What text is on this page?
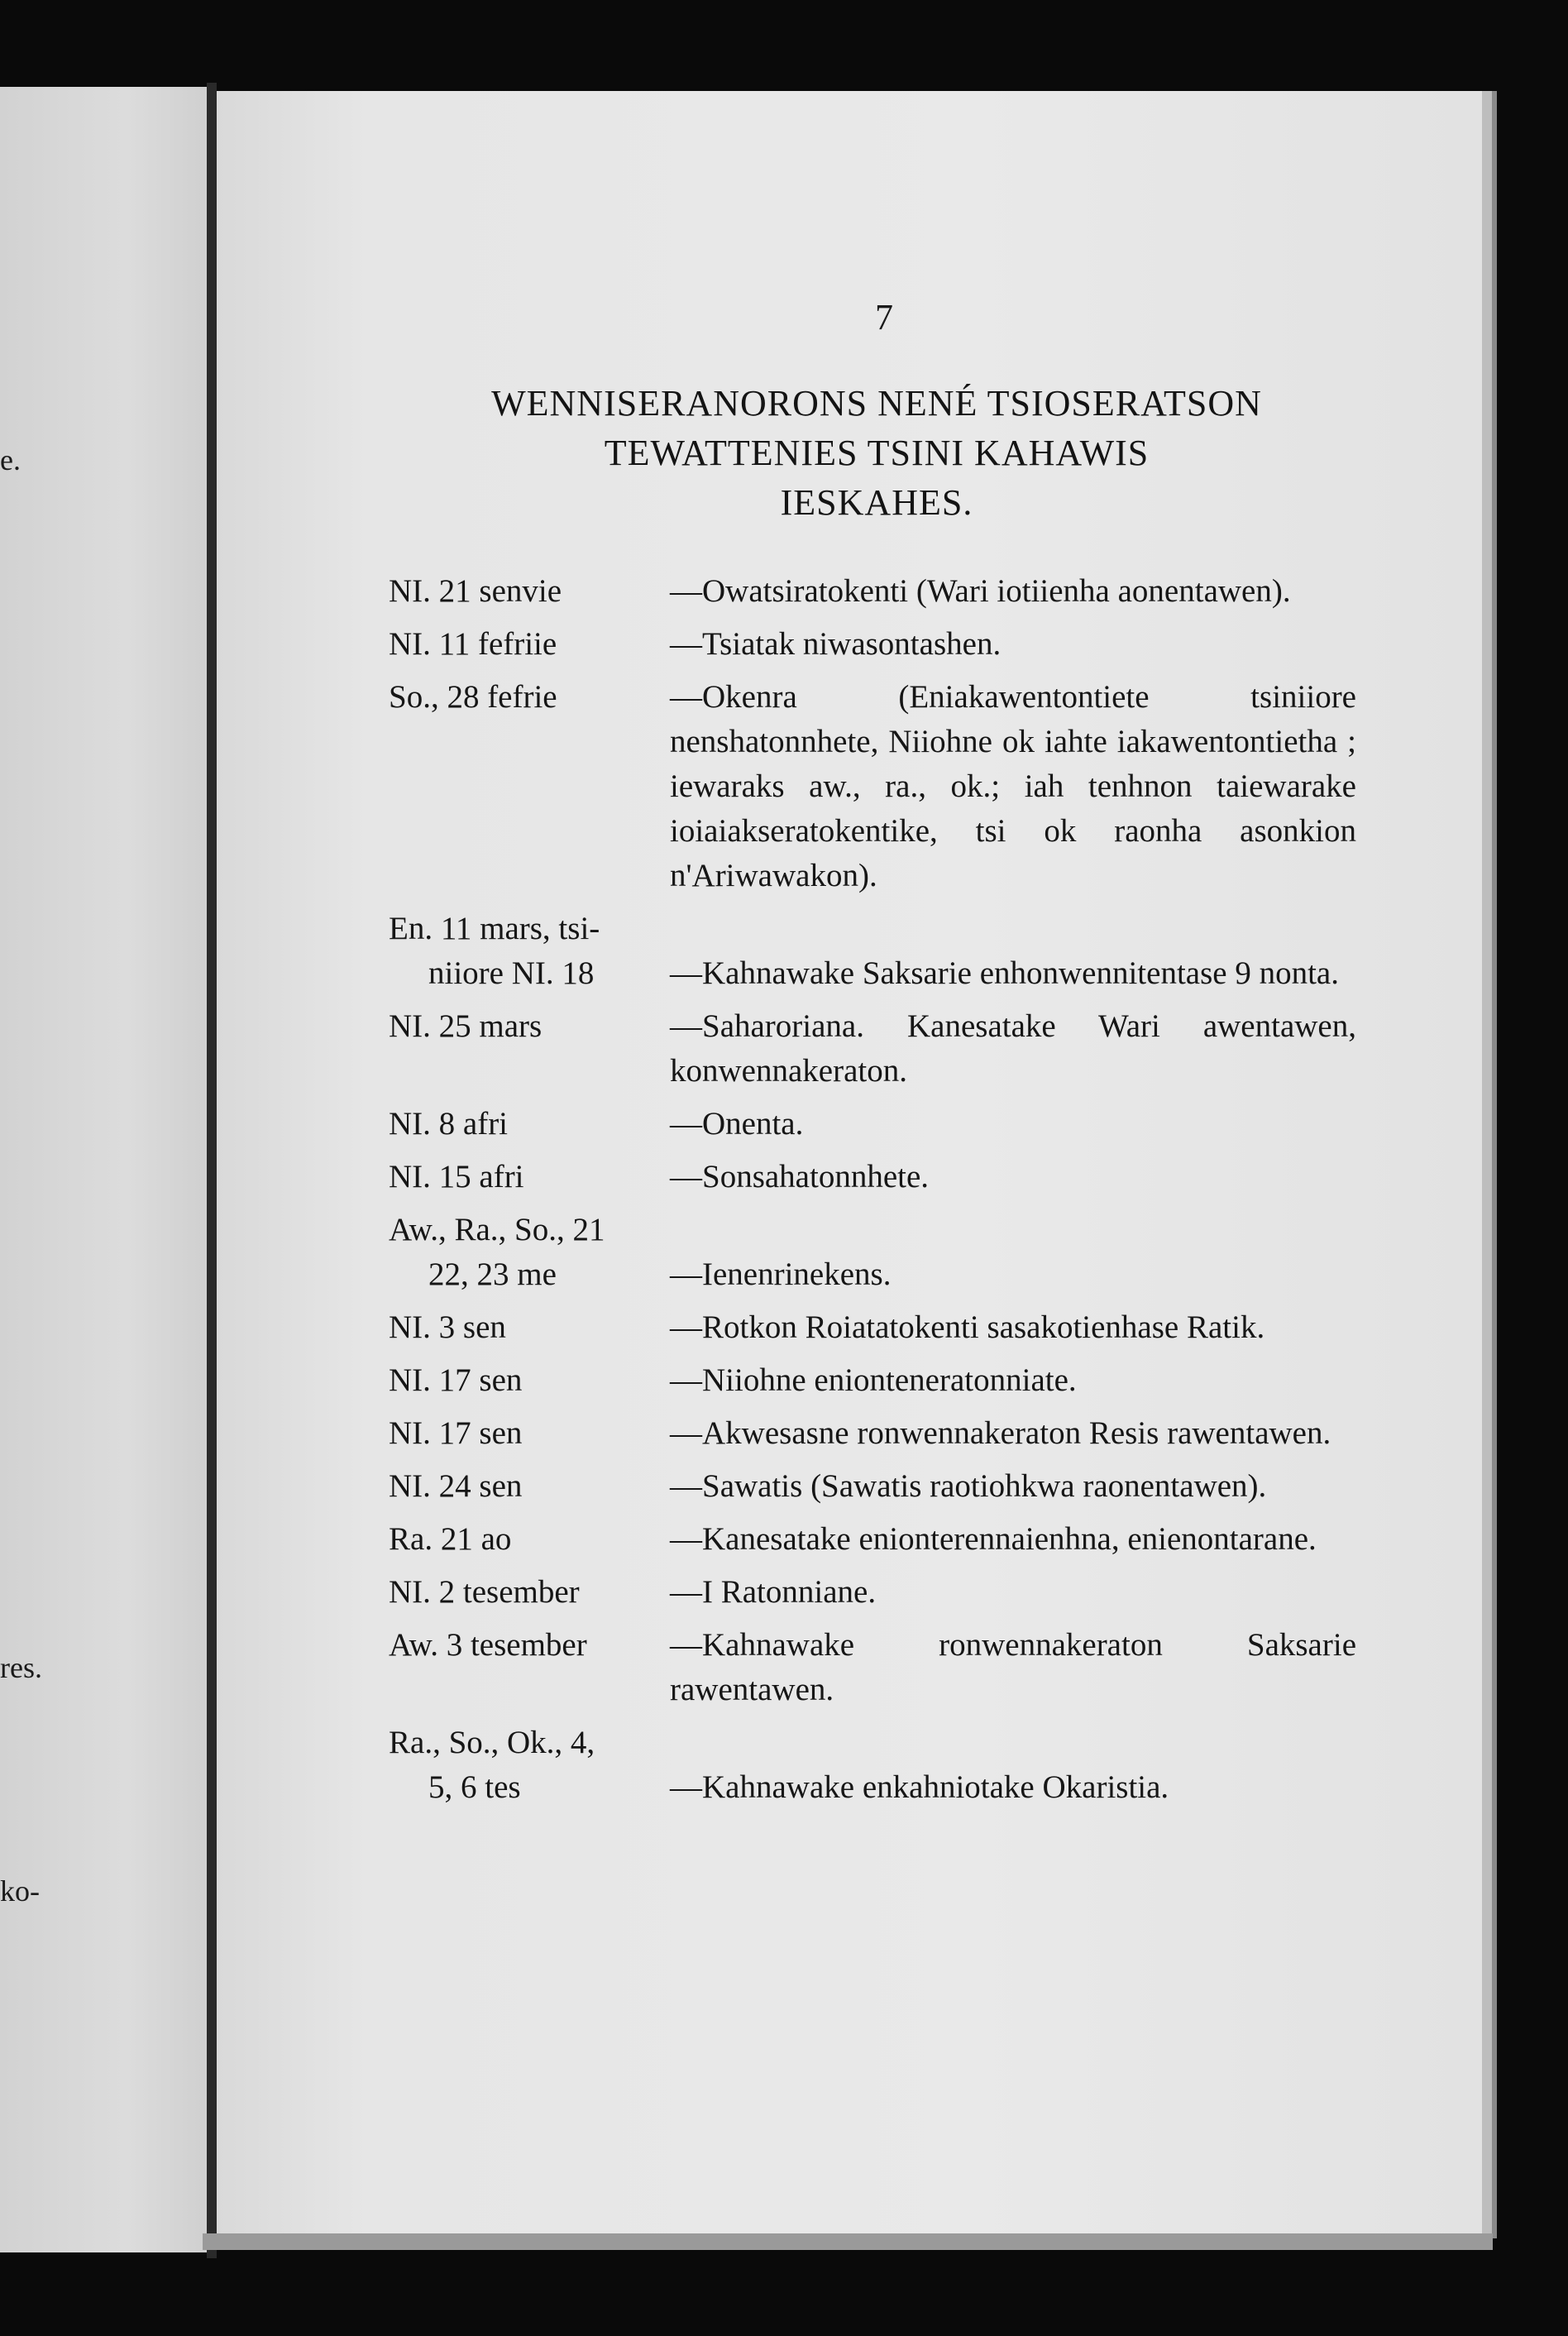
e.
res.
ko-
7
WENNISERANORONS NENÉ TSIOSERATSON
TEWATTENIES TSINI KAHAWIS
IESKAHES.
NI. 21 senvie	—Owatsiratokenti (Wari iotiienha aonentawen).
NI. 11 fefriie	—Tsiatak niwasontashen.
So., 28 fefrie	—Okenra (Eniakawentontiete tsiniiore nenshatonnhete, Niiohne ok iahte iakawentontietha ; iewaraks aw., ra., ok.; iah tenhnon taiewarake ioiaiakseratokentike, tsi ok raonha asonkion n'Ariwawakon).
En. 11 mars, tsi-
niiore NI. 18	—Kahnawake Saksarie enhonwennitentase 9 nonta.
NI. 25 mars	—Saharoriana. Kanesatake Wari awentawen, konwennakeraton.
NI. 8 afri	—Onenta.
NI. 15 afri	—Sonsahatonnhete.
Aw., Ra., So., 21
22, 23 me	—Ienenrinekens.
NI. 3 sen	—Rotkon Roiatatokenti sasakotienhase Ratik.
NI. 17 sen	—Niiohne enionteneratonniate.
NI. 17 sen	—Akwesasne ronwennakeraton Resis rawentawen.
NI. 24 sen	—Sawatis (Sawatis raotiohkwa raonentawen).
Ra. 21 ao	—Kanesatake enionterennaienhna, enienontarane.
NI. 2 tesember	—I Ratonniane.
Aw. 3 tesember	—Kahnawake ronwennakeraton Saksarie rawentawen.
Ra., So., Ok., 4,
5, 6 tes	—Kahnawake enkahniotake Okaristia.
